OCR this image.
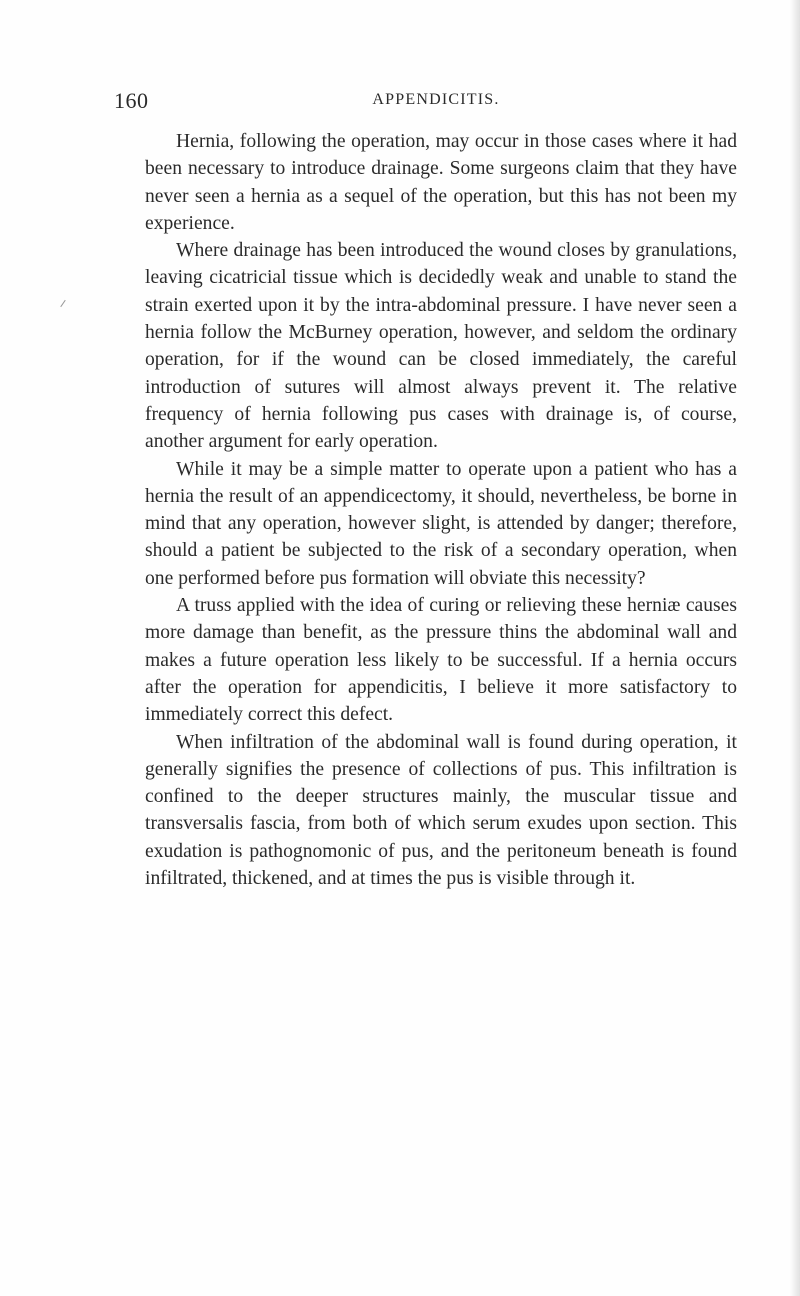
160	APPENDICITIS.

Hernia, following the operation, may occur in those cases where it had been necessary to introduce drainage. Some surgeons claim that they have never seen a hernia as a sequel of the operation, but this has not been my experience.

Where drainage has been introduced the wound closes by granulations, leaving cicatricial tissue which is decidedly weak and unable to stand the strain exerted upon it by the intra-abdominal pressure. I have never seen a hernia follow the McBurney operation, however, and seldom the ordinary operation, for if the wound can be closed immediately, the careful introduction of sutures will almost always prevent it. The relative frequency of hernia following pus cases with drainage is, of course, another argument for early operation.

While it may be a simple matter to operate upon a patient who has a hernia the result of an appendicectomy, it should, nevertheless, be borne in mind that any operation, however slight, is attended by danger; therefore, should a patient be subjected to the risk of a secondary operation, when one performed before pus formation will obviate this necessity?

A truss applied with the idea of curing or relieving these herniæ causes more damage than benefit, as the pressure thins the abdominal wall and makes a future operation less likely to be successful. If a hernia occurs after the operation for appendicitis, I believe it more satisfactory to immediately correct this defect.

When infiltration of the abdominal wall is found during operation, it generally signifies the presence of collections of pus. This infiltration is confined to the deeper structures mainly, the muscular tissue and transversalis fascia, from both of which serum exudes upon section. This exudation is pathognomonic of pus, and the peritoneum beneath is found infiltrated, thickened, and at times the pus is visible through it.
